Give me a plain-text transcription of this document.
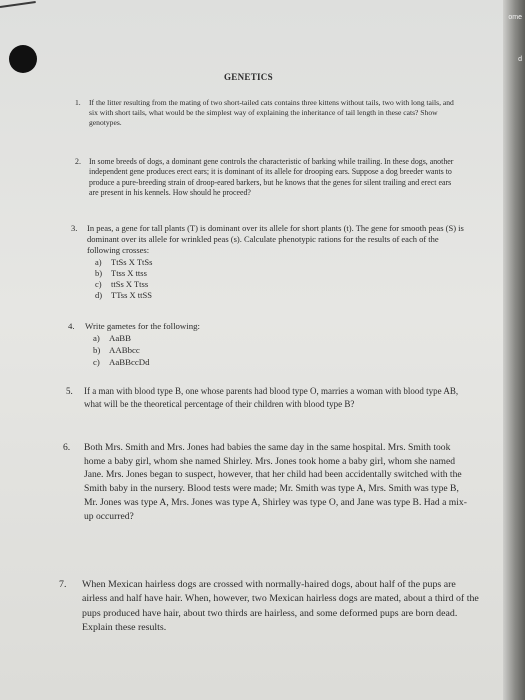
ome
d
GENETICS
1.	If the litter resulting from the mating of two short-tailed cats contains three kittens without tails, two with long tails, and six with short tails, what would be the simplest way of explaining the inheritance of tail length in these cats? Show genotypes.
2.	In some breeds of dogs, a dominant gene controls the characteristic of barking while trailing. In these dogs, another independent gene produces erect ears; it is dominant of its allele for drooping ears. Suppose a dog breeder wants to produce a pure-breeding strain of droop-eared barkers, but he knows that the genes for silent trailing and erect ears are present in his kennels. How should he proceed?
3.	In peas, a gene for tall plants (T) is dominant over its allele for short plants (t). The gene for smooth peas (S) is dominant over its allele for wrinkled peas (s). Calculate phenotypic rations for the results of each of the following crosses:
a)	TtSs X TtSs
b)	Ttss X ttss
c)	ttSs X Ttss
d)	TTss X ttSS
4.	Write gametes for the following:
a)	AaBB
b) AABbcc
c)	AaBBccDd
5.	If a man with blood type B, one whose parents had blood type O, marries a woman with blood type AB, what will be the theoretical percentage of their children with blood type B?
6.	Both Mrs. Smith and Mrs. Jones had babies the same day in the same hospital. Mrs. Smith took home a baby girl, whom she named Shirley. Mrs. Jones took home a baby girl, whom she named Jane. Mrs. Jones began to suspect, however, that her child had been accidentally switched with the Smith baby in the nursery. Blood tests were made; Mr. Smith was type A, Mrs. Smith was type B, Mr. Jones was type A, Mrs. Jones was type A, Shirley was type O, and Jane was type B. Had a mix-up occurred?
7.	When Mexican hairless dogs are crossed with normally-haired dogs, about half of the pups are airless and half have hair. When, however, two Mexican hairless dogs are mated, about a third of the pups produced have hair, about two thirds are hairless, and some deformed pups are born dead. Explain these results.
